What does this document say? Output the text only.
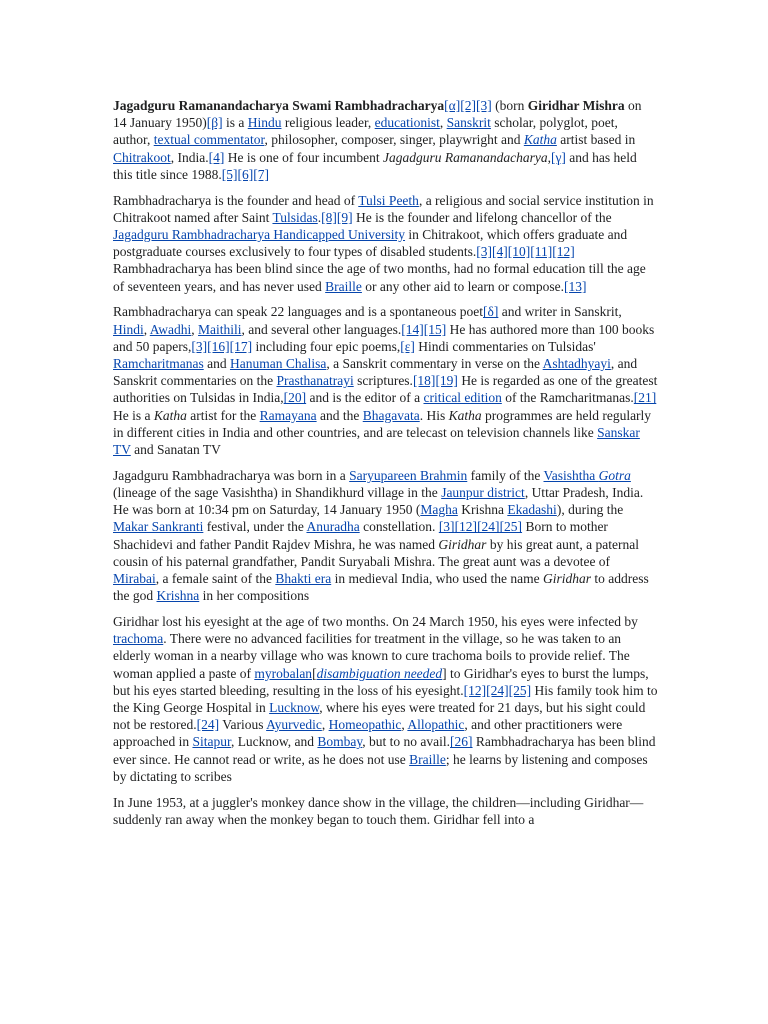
Jagadguru Ramanandacharya Swami Rambhadracharya[α][2][3] (born Giridhar Mishra on 14 January 1950)[β] is a Hindu religious leader, educationist, Sanskrit scholar, polyglot, poet, author, textual commentator, philosopher, composer, singer, playwright and Katha artist based in Chitrakoot, India.[4] He is one of four incumbent Jagadguru Ramanandacharya,[γ] and has held this title since 1988.[5][6][7]

Rambhadracharya is the founder and head of Tulsi Peeth, a religious and social service institution in Chitrakoot named after Saint Tulsidas.[8][9] He is the founder and lifelong chancellor of the Jagadguru Rambhadracharya Handicapped University in Chitrakoot, which offers graduate and postgraduate courses exclusively to four types of disabled students.[3][4][10][11][12] Rambhadracharya has been blind since the age of two months, had no formal education till the age of seventeen years, and has never used Braille or any other aid to learn or compose.[13]

Rambhadracharya can speak 22 languages and is a spontaneous poet[δ] and writer in Sanskrit, Hindi, Awadhi, Maithili, and several other languages.[14][15] He has authored more than 100 books and 50 papers,[3][16][17] including four epic poems,[ε] Hindi commentaries on Tulsidas' Ramcharitmanas and Hanuman Chalisa, a Sanskrit commentary in verse on the Ashtadhyayi, and Sanskrit commentaries on the Prasthanatrayi scriptures.[18][19] He is regarded as one of the greatest authorities on Tulsidas in India,[20] and is the editor of a critical edition of the Ramcharitmanas.[21] He is a Katha artist for the Ramayana and the Bhagavata. His Katha programmes are held regularly in different cities in India and other countries, and are telecast on television channels like Sanskar TV and Sanatan TV

Jagadguru Rambhadracharya was born in a Saryupareen Brahmin family of the Vasishtha Gotra (lineage of the sage Vasishtha) in Shandikhurd village in the Jaunpur district, Uttar Pradesh, India. He was born at 10:34 pm on Saturday, 14 January 1950 (Magha Krishna Ekadashi), during the Makar Sankranti festival, under the Anuradha constellation. [3][12][24][25] Born to mother Shachidevi and father Pandit Rajdev Mishra, he was named Giridhar by his great aunt, a paternal cousin of his paternal grandfather, Pandit Suryabali Mishra. The great aunt was a devotee of Mirabai, a female saint of the Bhakti era in medieval India, who used the name Giridhar to address the god Krishna in her compositions

Giridhar lost his eyesight at the age of two months. On 24 March 1950, his eyes were infected by trachoma. There were no advanced facilities for treatment in the village, so he was taken to an elderly woman in a nearby village who was known to cure trachoma boils to provide relief. The woman applied a paste of myrobalan[disambiguation needed] to Giridhar's eyes to burst the lumps, but his eyes started bleeding, resulting in the loss of his eyesight.[12][24][25] His family took him to the King George Hospital in Lucknow, where his eyes were treated for 21 days, but his sight could not be restored.[24] Various Ayurvedic, Homeopathic, Allopathic, and other practitioners were approached in Sitapur, Lucknow, and Bombay, but to no avail.[26] Rambhadracharya has been blind ever since. He cannot read or write, as he does not use Braille; he learns by listening and composes by dictating to scribes

In June 1953, at a juggler's monkey dance show in the village, the children—including Giridhar—suddenly ran away when the monkey began to touch them. Giridhar fell into a
